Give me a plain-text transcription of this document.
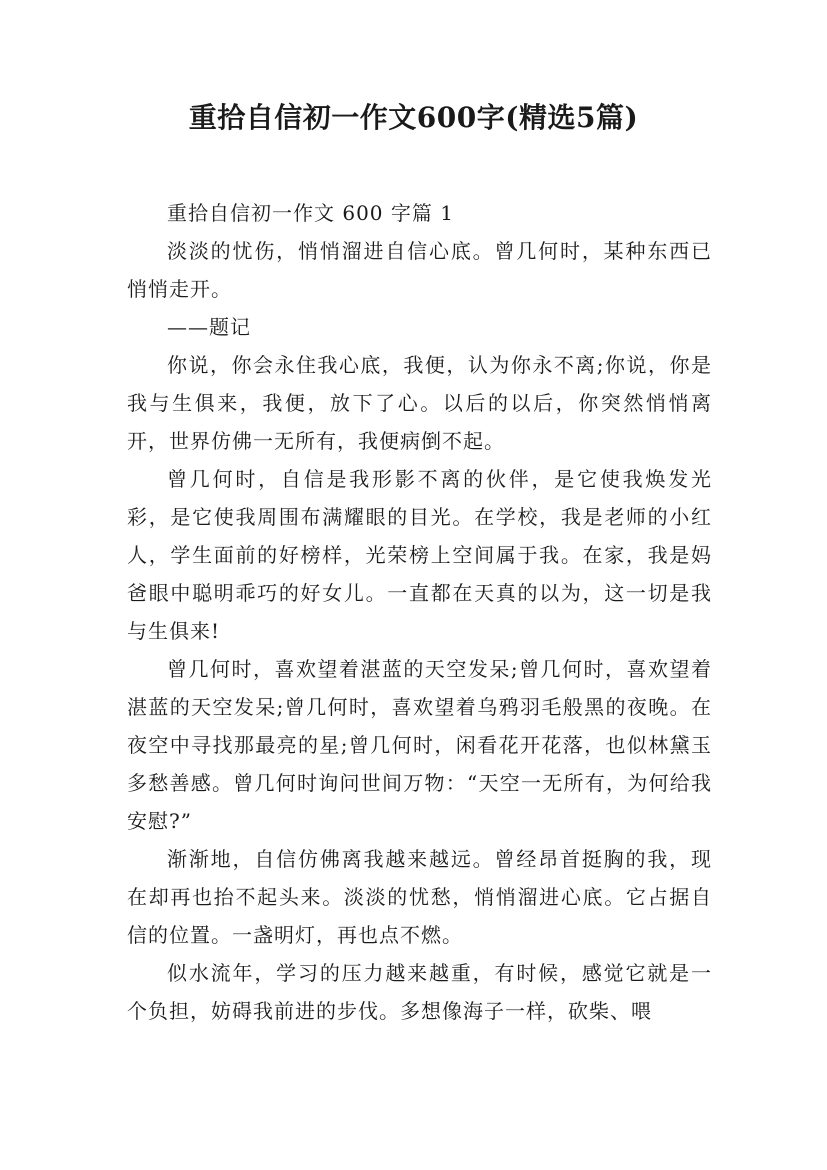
重拾自信初一作文600字(精选5篇)

重拾自信初一作文 600 字篇 1

淡淡的忧伤，悄悄溜进自信心底。曾几何时，某种东西已悄悄走开。

——题记

你说，你会永住我心底，我便，认为你永不离;你说，你是我与生俱来，我便，放下了心。以后的以后，你突然悄悄离开，世界仿佛一无所有，我便病倒不起。

曾几何时，自信是我形影不离的伙伴，是它使我焕发光彩，是它使我周围布满耀眼的目光。在学校，我是老师的小红人，学生面前的好榜样，光荣榜上空间属于我。在家，我是妈爸眼中聪明乖巧的好女儿。一直都在天真的以为，这一切是我与生俱来!

曾几何时，喜欢望着湛蓝的天空发呆;曾几何时，喜欢望着湛蓝的天空发呆;曾几何时，喜欢望着乌鸦羽毛般黑的夜晚。在夜空中寻找那最亮的星;曾几何时，闲看花开花落，也似林黛玉多愁善感。曾几何时询问世间万物：“天空一无所有，为何给我安慰?”

渐渐地，自信仿佛离我越来越远。曾经昂首挺胸的我，现在却再也抬不起头来。淡淡的忧愁，悄悄溜进心底。它占据自信的位置。一盏明灯，再也点不燃。

似水流年，学习的压力越来越重，有时候，感觉它就是一个负担，妨碍我前进的步伐。多想像海子一样，砍柴、喂
